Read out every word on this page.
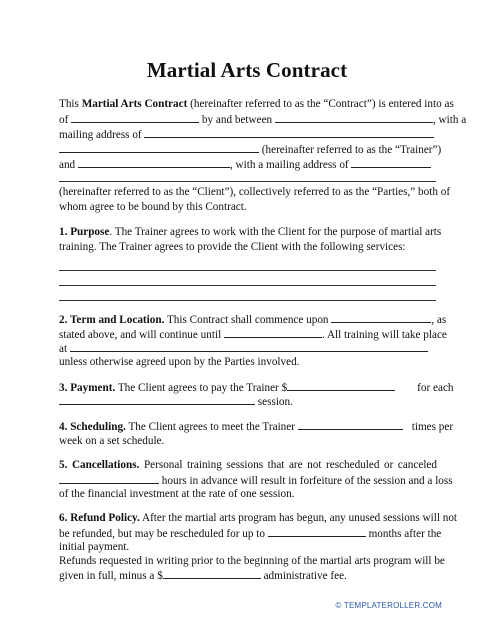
Martial Arts Contract
This Martial Arts Contract (hereinafter referred to as the “Contract”) is entered into as
of	by and between	, with a
mailing address of
(hereinafter referred to as the “Trainer”)
and	, with a mailing address of
(hereinafter referred to as the “Client”), collectively referred to as the “Parties,” both of
whom agree to be bound by this Contract.
1. Purpose. The Trainer agrees to work with the Client for the purpose of martial arts
training. The Trainer agrees to provide the Client with the following services:
2. Term and Location. This Contract shall commence upon	, as
stated above, and will continue until	. All training will take place
at
unless otherwise agreed upon by the Parties involved.
3. Payment. The Client agrees to pay the Trainer $	for each
session.
4. Scheduling. The Client agrees to meet the Trainer	times per
week on a set schedule.
5. Cancellations. Personal training sessions that are not rescheduled or canceled
hours in advance will result in forfeiture of the session and a loss
of the financial investment at the rate of one session.
6. Refund Policy. After the martial arts program has begun, any unused sessions will not
be refunded, but may be rescheduled for up to	months after the
initial payment.
Refunds requested in writing prior to the beginning of the martial arts program will be
given in full, minus a $	administrative fee.
© TEMPLATEROLLER.COM
